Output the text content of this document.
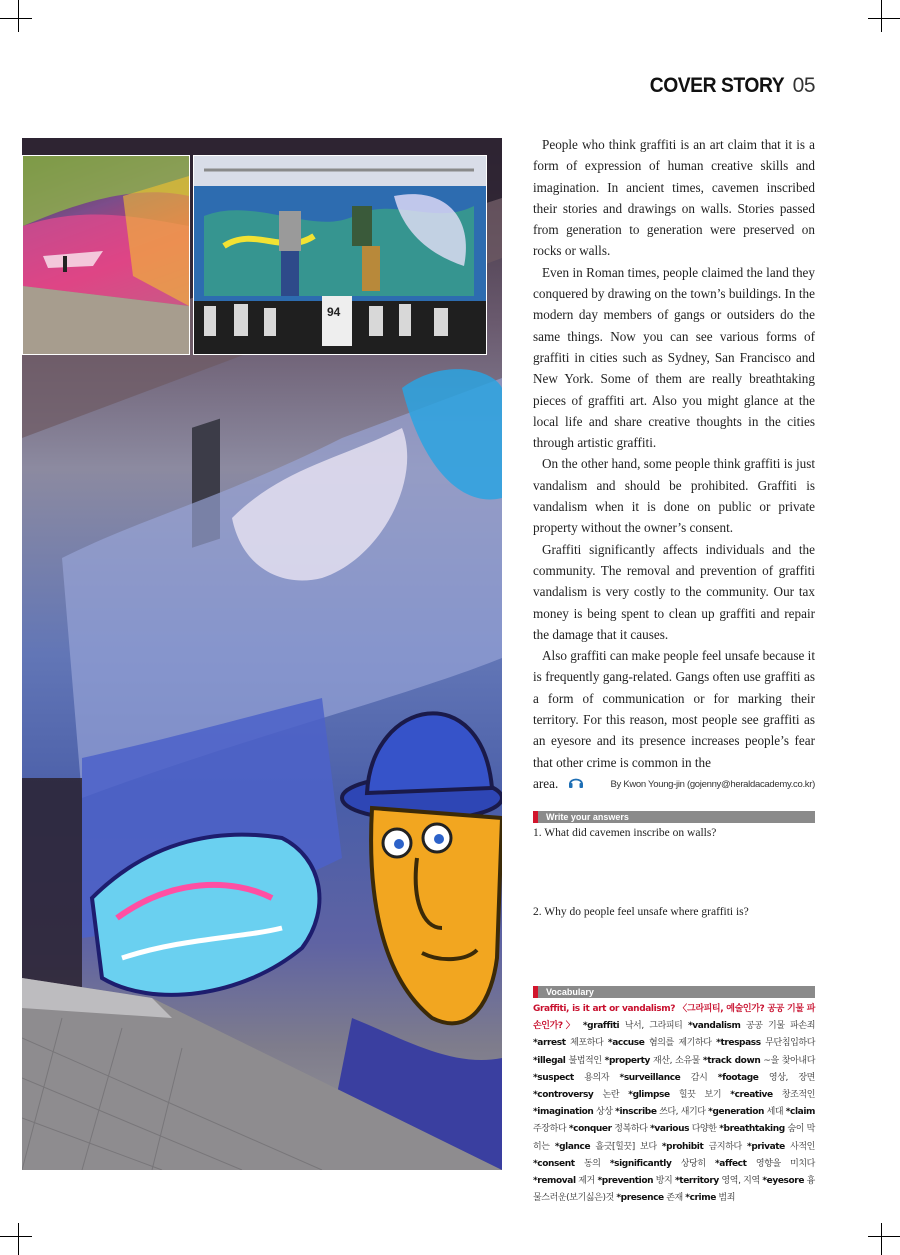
COVER STORY 05
94

People who think graffiti is an art claim that it is a form of expression of human creative skills and imagination. In ancient times, cavemen inscribed their stories and drawings on walls. Stories passed from generation to generation were preserved on rocks or walls.

Even in Roman times, people claimed the land they conquered by drawing on the town’s buildings. In the modern day members of gangs or outsiders do the same things. Now you can see various forms of graffiti in cities such as Sydney, San Francisco and New York. Some of them are really breathtaking pieces of graffiti art. Also you might glance at the local life and share creative thoughts in the cities through artistic graffiti.

On the other hand, some people think graffiti is just vandalism and should be prohibited. Graffiti is vandalism when it is done on public or private property without the owner’s consent.

Graffiti significantly affects individuals and the community. The removal and prevention of graffiti vandalism is very costly to the community. Our tax money is being spent to clean up graffiti and repair the damage that it causes.

Also graffiti can make people feel unsafe because it is frequently gang-related. Gangs often use graffiti as a form of communication or for marking their territory. For this reason, most people see graffiti as an eyesore and its presence increases people’s fear that other crime is common in the

area.	By Kwon Young-jin (gojenny@heraldacademy.co.kr)
Write your answers
1. What did cavemen inscribe on walls?
2. Why do people feel unsafe where graffiti is?
Vocabulary
Graffiti, is it art or vandalism? 〈그라피티, 예술인가? 공공 기물 파손인가?〉 *graffiti 낙서, 그라피티 *vandalism 공공 기물 파손죄 *arrest 체포하다 *accuse 혐의를 제기하다 *trespass 무단침입하다 *illegal 불법적인 *property 재산, 소유물 *track down ~을 찾아내다 *suspect 용의자 *surveillance 감시 *footage 영상, 장면 *controversy 논란 *glimpse 힐끗 보기 *creative 창조적인 *imagination 상상 *inscribe 쓰다, 새기다 *generation 세대 *claim 주장하다 *conquer 정복하다 *various 다양한 *breathtaking 숨이 막히는 *glance 흘긋[힐끗] 보다 *prohibit 금지하다 *private 사적인 *consent 동의 *significantly 상당히 *affect 영향을 미치다 *removal 제거 *prevention 방지 *territory 영역, 지역 *eyesore 흉물스러운(보기싫은)것 *presence 존재 *crime 범죄
